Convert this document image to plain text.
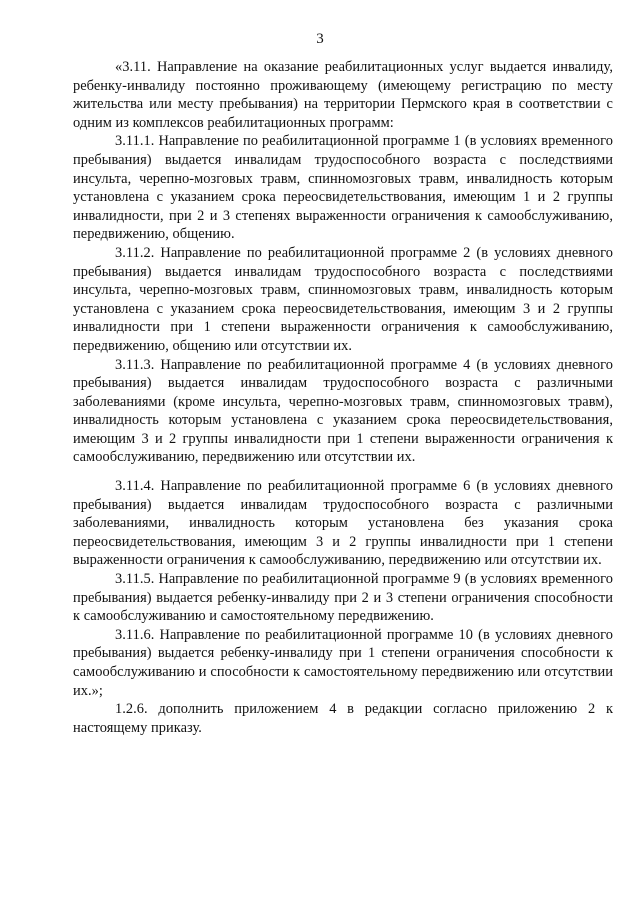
3

«3.11. Направление на оказание реабилитационных услуг выдается инвалиду, ребенку-инвалиду постоянно проживающему (имеющему регистрацию по месту жительства или месту пребывания) на территории Пермского края в соответствии с одним из комплексов реабилитационных программ:

3.11.1. Направление по реабилитационной программе 1 (в условиях временного пребывания) выдается инвалидам трудоспособного возраста с последствиями инсульта, черепно-мозговых травм, спинномозговых травм, инвалидность которым установлена с указанием срока переосвидетельствования, имеющим 1 и 2 группы инвалидности, при 2 и 3 степенях выраженности ограничения к самообслуживанию, передвижению, общению.

3.11.2. Направление по реабилитационной программе 2 (в условиях дневного пребывания) выдается инвалидам трудоспособного возраста с последствиями инсульта, черепно-мозговых травм, спинномозговых травм, инвалидность которым установлена с указанием срока переосвидетельствования, имеющим 3 и 2 группы инвалидности при 1 степени выраженности ограничения к самообслуживанию, передвижению, общению или отсутствии их.

3.11.3. Направление по реабилитационной программе 4 (в условиях дневного пребывания) выдается инвалидам трудоспособного возраста с различными заболеваниями (кроме инсульта, черепно-мозговых травм, спинномозговых травм), инвалидность которым установлена с указанием срока переосвидетельствования, имеющим 3 и 2 группы инвалидности при 1 степени выраженности ограничения к самообслуживанию, передвижению или отсутствии их.

3.11.4. Направление по реабилитационной программе 6 (в условиях дневного пребывания) выдается инвалидам трудоспособного возраста с различными заболеваниями, инвалидность которым установлена без указания срока переосвидетельствования, имеющим 3 и 2 группы инвалидности при 1 степени выраженности ограничения к самообслуживанию, передвижению или отсутствии их.

3.11.5. Направление по реабилитационной программе 9 (в условиях временного пребывания) выдается ребенку-инвалиду при 2 и 3 степени ограничения способности к самообслуживанию и самостоятельному передвижению.

3.11.6. Направление по реабилитационной программе 10 (в условиях дневного пребывания) выдается ребенку-инвалиду при 1 степени ограничения способности к самообслуживанию и способности к самостоятельному передвижению или отсутствии их.»;

1.2.6. дополнить приложением 4 в редакции согласно приложению 2 к настоящему приказу.
